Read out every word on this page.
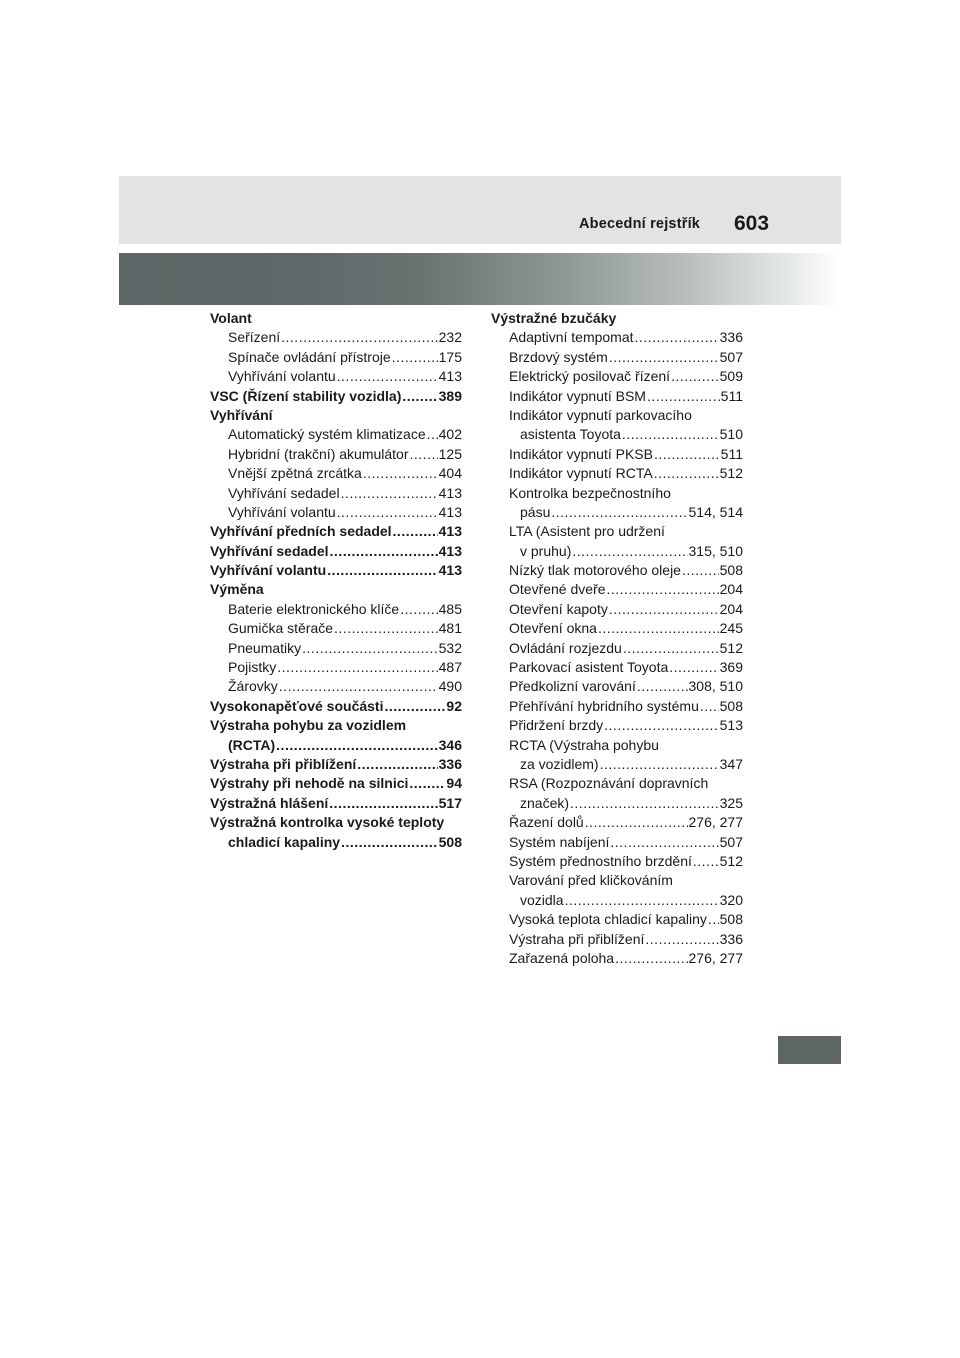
Abecední rejstřík 603
Volant
Seřízení .....	232
Spínače ovládání přístroje .....	175
Vyhřívání volantu .....	413
VSC (Řízení stability vozidla) .....	389
Vyhřívání
Automatický systém klimatizace ..... 402
Hybridní (trakční) akumulátor ..... 125
Vnější zpětná zrcátka .....	404
Vyhřívání sedadel .....	413
Vyhřívání volantu .....	413
Vyhřívání předních sedadel .....	413
Vyhřívání sedadel .....	413
Vyhřívání volantu .....	413
Výměna
Baterie elektronického klíče .....	485
Gumička stěrače .....	481
Pneumatiky .....	532
Pojistky .....	487
Žárovky .....	490
Vysokonapěťové součásti .....	92
Výstraha pohybu za vozidlem
(RCTA) .....	346
Výstraha při přiblížení .....	336
Výstrahy při nehodě na silnici .....	94
Výstražná hlášení .....	517
Výstražná kontrolka vysoké teploty
chladicí kapaliny .....	508
Výstražné bzučáky
Adaptivní tempomat .....	336
Brzdový systém .....	507
Elektrický posilovač řízení .....	509
Indikátor vypnutí BSM .....	511
Indikátor vypnutí parkovacího
asistenta Toyota .....	510
Indikátor vypnutí PKSB .....	511
Indikátor vypnutí RCTA .....	512
Kontrolka bezpečnostního
pásu .....	514, 514
LTA (Asistent pro udržení
v pruhu) .....	315, 510
Nízký tlak motorového oleje .....	508
Otevřené dveře .....	204
Otevření kapoty .....	204
Otevření okna .....	245
Ovládání rozjezdu .....	512
Parkovací asistent Toyota .....	369
Předkolizní varování .....	308, 510
Přehřívání hybridního systému ..... 508
Přidržení brzdy .....	513
RCTA (Výstraha pohybu
za vozidlem) .....	347
RSA (Rozpoznávání dopravních
značek) .....	325
Řazení dolů .....	276, 277
Systém nabíjení .....	507
Systém přednostního brzdění ..... 512
Varování před kličkováním
vozidla .....	320
Vysoká teplota chladicí kapaliny ..... 508
Výstraha při přiblížení .....	336
Zařazená poloha .....	276, 277
